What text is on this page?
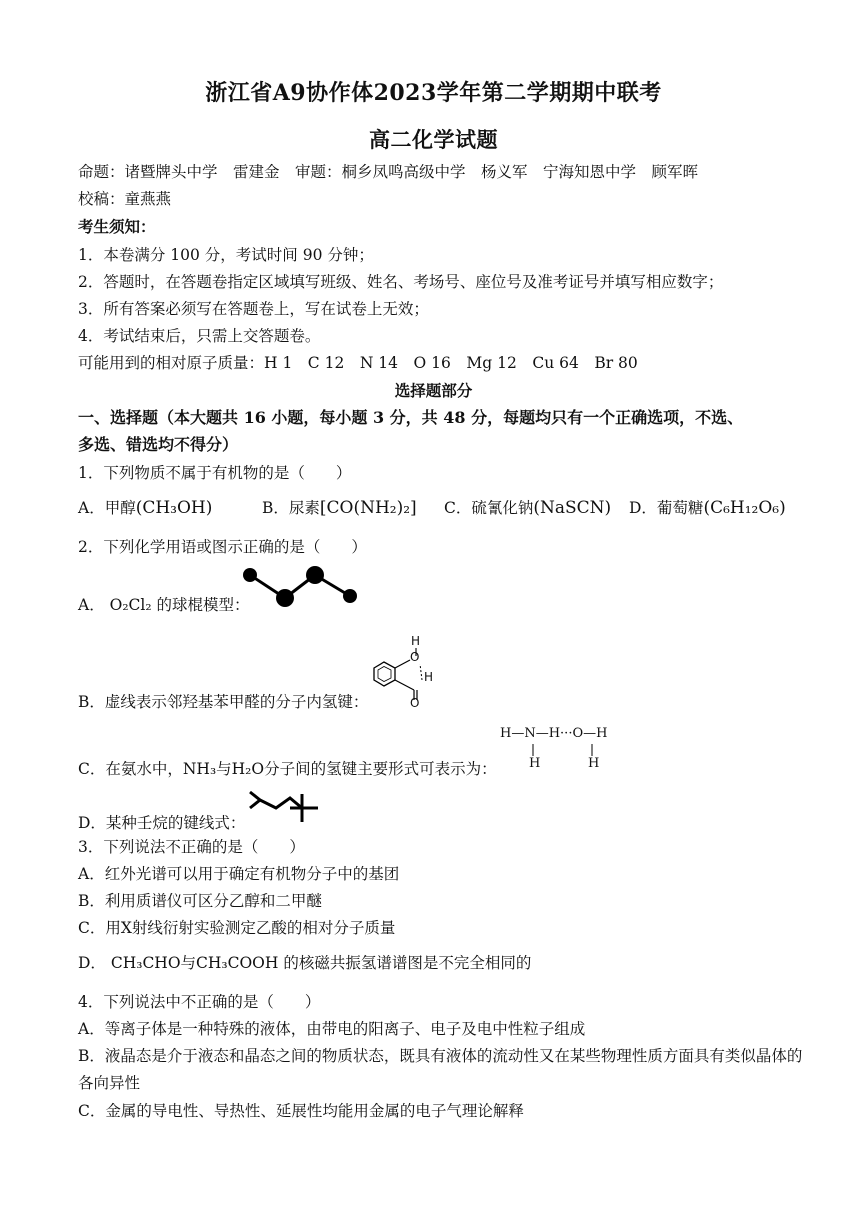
浙江省A9协作体2023学年第二学期期中联考
高二化学试题
命题：诸暨牌头中学　雷建金　审题：桐乡凤鸣高级中学　杨义军　宁海知恩中学　顾军晖
校稿：童燕燕
考生须知：
1．本卷满分 100 分，考试时间 90 分钟；
2．答题时，在答题卷指定区域填写班级、姓名、考场号、座位号及准考证号并填写相应数字；
3．所有答案必须写在答题卷上，写在试卷上无效；
4．考试结束后，只需上交答题卷。
可能用到的相对原子质量：H 1　C 12　N 14　O 16　Mg 12　Cu 64　Br 80
选择题部分
一、选择题（本大题共 16 小题，每小题 3 分，共 48 分，每题均只有一个正确选项，不选、
多选、错选均不得分）
1．下列物质不属于有机物的是（　　）
A．甲醇(CH₃OH)	B．尿素[CO(NH₂)₂] C．硫氰化钠(NaSCN) D．葡萄糖(C₆H₁₂O₆)
2．下列化学用语或图示正确的是（　　）
A． O₂Cl₂ 的球棍模型：
B．虚线表示邻羟基苯甲醛的分子内氢键：
H
O
H
O
C．在氨水中，NH₃与H₂O分子间的氢键主要形式可表示为：
H—N—H···O—H
H	H
D．某种壬烷的键线式：
3．下列说法不正确的是（　　）
A．红外光谱可以用于确定有机物分子中的基团
B．利用质谱仪可区分乙醇和二甲醚
C．用X射线衍射实验测定乙酸的相对分子质量
D． CH₃CHO与CH₃COOH 的核磁共振氢谱谱图是不完全相同的
4．下列说法中不正确的是（　　）
A．等离子体是一种特殊的液体，由带电的阳离子、电子及电中性粒子组成
B．液晶态是介于液态和晶态之间的物质状态，既具有液体的流动性又在某些物理性质方面具有类似晶体的
各向异性
C．金属的导电性、导热性、延展性均能用金属的电子气理论解释
